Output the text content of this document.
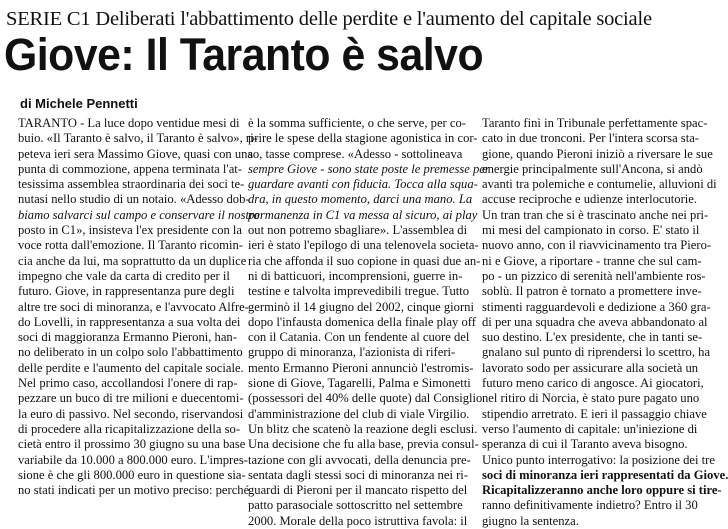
SERIE C1 Deliberati l'abbattimento delle perdite e l'aumento del capitale sociale
Giove: Il Taranto è salvo
di Michele Pennetti
TARANTO - La luce dopo ventidue mesi di
buio. «Il Taranto è salvo, il Taranto è salvo», ri-
peteva ieri sera Massimo Giove, quasi con una
punta di commozione, appena terminata l'at-
tesissima assemblea straordinaria dei soci te-
nutasi nello studio di un notaio. «Adesso dob-
biamo salvarci sul campo e conservare il nostro
posto in C1», insisteva l'ex presidente con la
voce rotta dall'emozione. Il Taranto ricomin-
cia anche da lui, ma soprattutto da un duplice
impegno che vale da carta di credito per il
futuro. Giove, in rappresentanza pure degli
altre tre soci di minoranza, e l'avvocato Alfre-
do Lovelli, in rappresentanza a sua volta dei
soci di maggioranza Ermanno Pieroni, han-
no deliberato in un colpo solo l'abbattimento
delle perdite e l'aumento del capitale sociale.
Nel primo caso, accollandosi l'onere di rap-
pezzare un buco di tre milioni e duecentomi-
la euro di passivo. Nel secondo, riservandosi
di procedere alla ricapitalizzazione della so-
cietà entro il prossimo 30 giugno su una base
variabile da 10.000 a 800.000 euro. L'impres-
sione è che gli 800.000 euro in questione sia-
no stati indicati per un motivo preciso: perché
è la somma sufficiente, o che serve, per co-
prire le spese della stagione agonistica in cor-
so, tasse comprese. «Adesso - sottolineava
sempre Giove - sono state poste le premesse per
guardare avanti con fiducia. Tocca alla squa-
dra, in questo momento, darci una mano. La
permanenza in C1 va messa al sicuro, ai play
out non potremo sbagliare». L'assemblea di
ieri è stato l'epilogo di una telenovela societa-
ria che affonda il suo copione in quasi due an-
ni di batticuori, incomprensioni, guerre in-
testine e talvolta imprevedibili tregue. Tutto
germinò il 14 giugno del 2002, cinque giorni
dopo l'infausta domenica della finale play off
con il Catania. Con un fendente al cuore del
gruppo di minoranza, l'azionista di riferi-
mento Ermanno Pieroni annunciò l'estromis-
sione di Giove, Tagarelli, Palma e Simonetti
(possessori del 40% delle quote) dal Consiglio
d'amministrazione del club di viale Virgilio.
Un blitz che scatenò la reazione degli esclusi.
Una decisione che fu alla base, previa consul-
tazione con gli avvocati, della denuncia pre-
sentata dagli stessi soci di minoranza nei ri-
guardi di Pieroni per il mancato rispetto del
patto parasociale sottoscritto nel settembre
2000. Morale della poco istruttiva favola: il
Taranto finì in Tribunale perfettamente spac-
cato in due tronconi. Per l'intera scorsa sta-
gione, quando Pieroni iniziò a riversare le sue
energie principalmente sull'Ancona, si andò
avanti tra polemiche e contumelie, alluvioni di
accuse reciproche e udienze interlocutorie.
Un tran tran che si è trascinato anche nei pri-
mi mesi del campionato in corso. E' stato il
nuovo anno, con il riavvicinamento tra Piero-
ni e Giove, a riportare - tranne che sul cam-
po - un pizzico di serenità nell'ambiente ros-
soblù. Il patron è tornato a promettere inve-
stimenti ragguardevoli e dedizione a 360 gra-
di per una squadra che aveva abbandonato al
suo destino. L'ex presidente, che in tanti se-
gnalano sul punto di riprendersi lo scettro, ha
lavorato sodo per assicurare alla società un
futuro meno carico di angosce. Ai giocatori,
nel ritiro di Norcia, è stato pure pagato uno
stipendio arretrato. E ieri il passaggio chiave
verso l'aumento di capitale: un'iniezione di
speranza di cui il Taranto aveva bisogno.
Unico punto interrogativo: la posizione dei tre
soci di minoranza ieri rappresentati da Giove.
Ricapitalizzeranno anche loro oppure si tire-
ranno definitivamente indietro? Entro il 30
giugno la sentenza.
